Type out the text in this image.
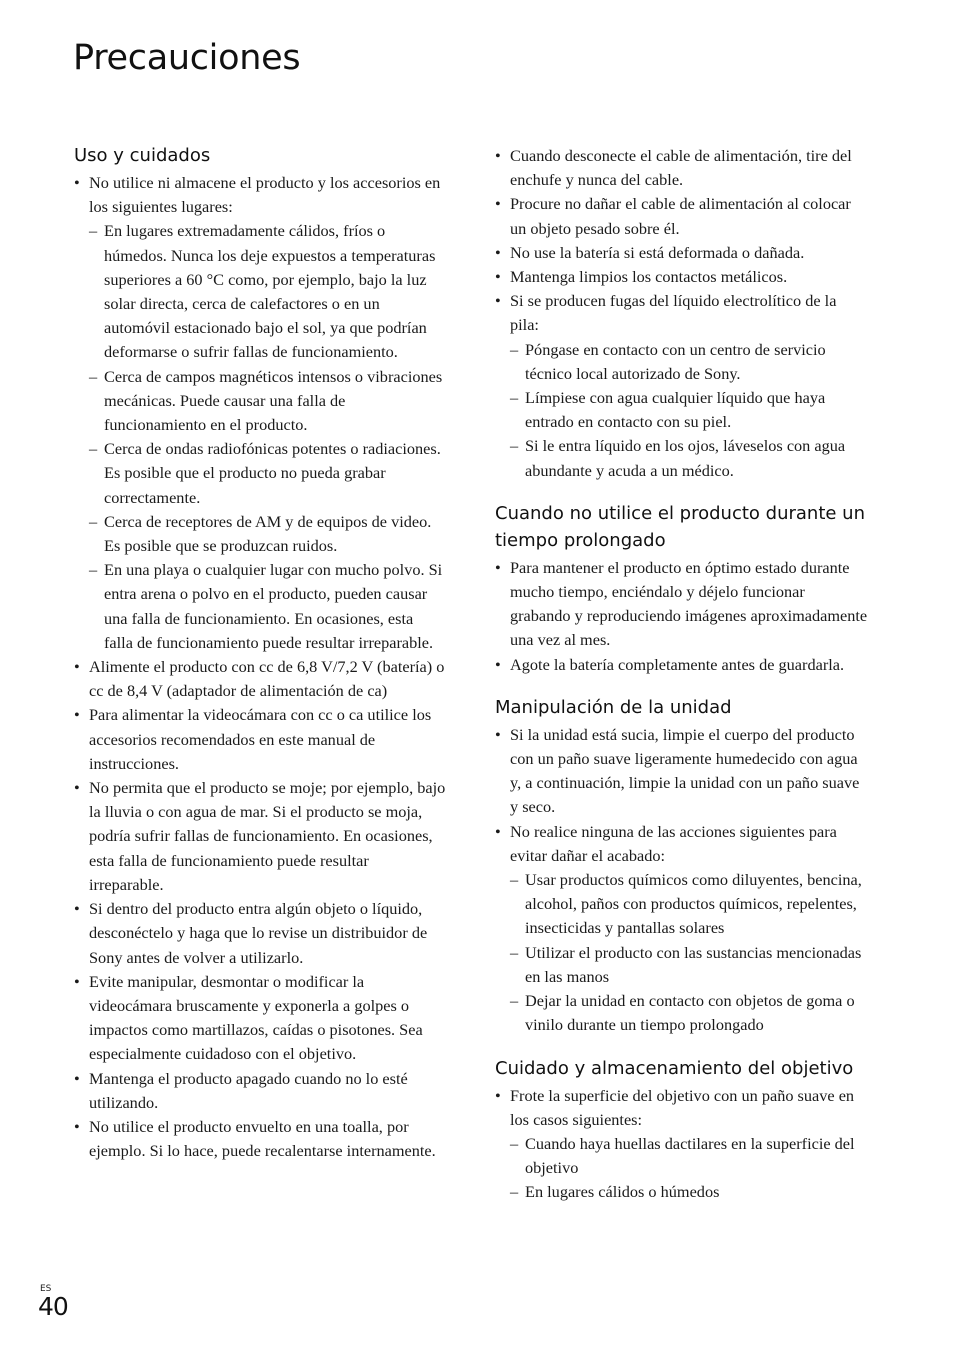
Precauciones
Uso y cuidados
• No utilice ni almacene el producto y los accesorios en los siguientes lugares:
– En lugares extremadamente cálidos, fríos o húmedos. Nunca los deje expuestos a temperaturas superiores a 60 °C como, por ejemplo, bajo la luz solar directa, cerca de calefactores o en un automóvil estacionado bajo el sol, ya que podrían deformarse o sufrir fallas de funcionamiento.
– Cerca de campos magnéticos intensos o vibraciones mecánicas. Puede causar una falla de funcionamiento en el producto.
– Cerca de ondas radiofónicas potentes o radiaciones. Es posible que el producto no pueda grabar correctamente.
– Cerca de receptores de AM y de equipos de video. Es posible que se produzcan ruidos.
– En una playa o cualquier lugar con mucho polvo. Si entra arena o polvo en el producto, pueden causar una falla de funcionamiento. En ocasiones, esta falla de funcionamiento puede resultar irreparable.
• Alimente el producto con cc de 6,8 V/7,2 V (batería) o cc de 8,4 V (adaptador de alimentación de ca)
• Para alimentar la videocámara con cc o ca utilice los accesorios recomendados en este manual de instrucciones.
• No permita que el producto se moje; por ejemplo, bajo la lluvia o con agua de mar. Si el producto se moja, podría sufrir fallas de funcionamiento. En ocasiones, esta falla de funcionamiento puede resultar irreparable.
• Si dentro del producto entra algún objeto o líquido, desconéctelo y haga que lo revise un distribuidor de Sony antes de volver a utilizarlo.
• Evite manipular, desmontar o modificar la videocámara bruscamente y exponerla a golpes o impactos como martillazos, caídas o pisotones. Sea especialmente cuidadoso con el objetivo.
• Mantenga el producto apagado cuando no lo esté utilizando.
• No utilice el producto envuelto en una toalla, por ejemplo. Si lo hace, puede recalentarse internamente.
• Cuando desconecte el cable de alimentación, tire del enchufe y nunca del cable.
• Procure no dañar el cable de alimentación al colocar un objeto pesado sobre él.
• No use la batería si está deformada o dañada.
• Mantenga limpios los contactos metálicos.
• Si se producen fugas del líquido electrolítico de la pila:
– Póngase en contacto con un centro de servicio técnico local autorizado de Sony.
– Límpiese con agua cualquier líquido que haya entrado en contacto con su piel.
– Si le entra líquido en los ojos, láveselos con agua abundante y acuda a un médico.
Cuando no utilice el producto durante un tiempo prolongado
• Para mantener el producto en óptimo estado durante mucho tiempo, enciéndalo y déjelo funcionar grabando y reproduciendo imágenes aproximadamente una vez al mes.
• Agote la batería completamente antes de guardarla.
Manipulación de la unidad
• Si la unidad está sucia, limpie el cuerpo del producto con un paño suave ligeramente humedecido con agua y, a continuación, limpie la unidad con un paño suave y seco.
• No realice ninguna de las acciones siguientes para evitar dañar el acabado:
– Usar productos químicos como diluyentes, bencina, alcohol, paños con productos químicos, repelentes, insecticidas y pantallas solares
– Utilizar el producto con las sustancias mencionadas en las manos
– Dejar la unidad en contacto con objetos de goma o vinilo durante un tiempo prolongado
Cuidado y almacenamiento del objetivo
• Frote la superficie del objetivo con un paño suave en los casos siguientes:
– Cuando haya huellas dactilares en la superficie del objetivo
– En lugares cálidos o húmedos
ES
40
